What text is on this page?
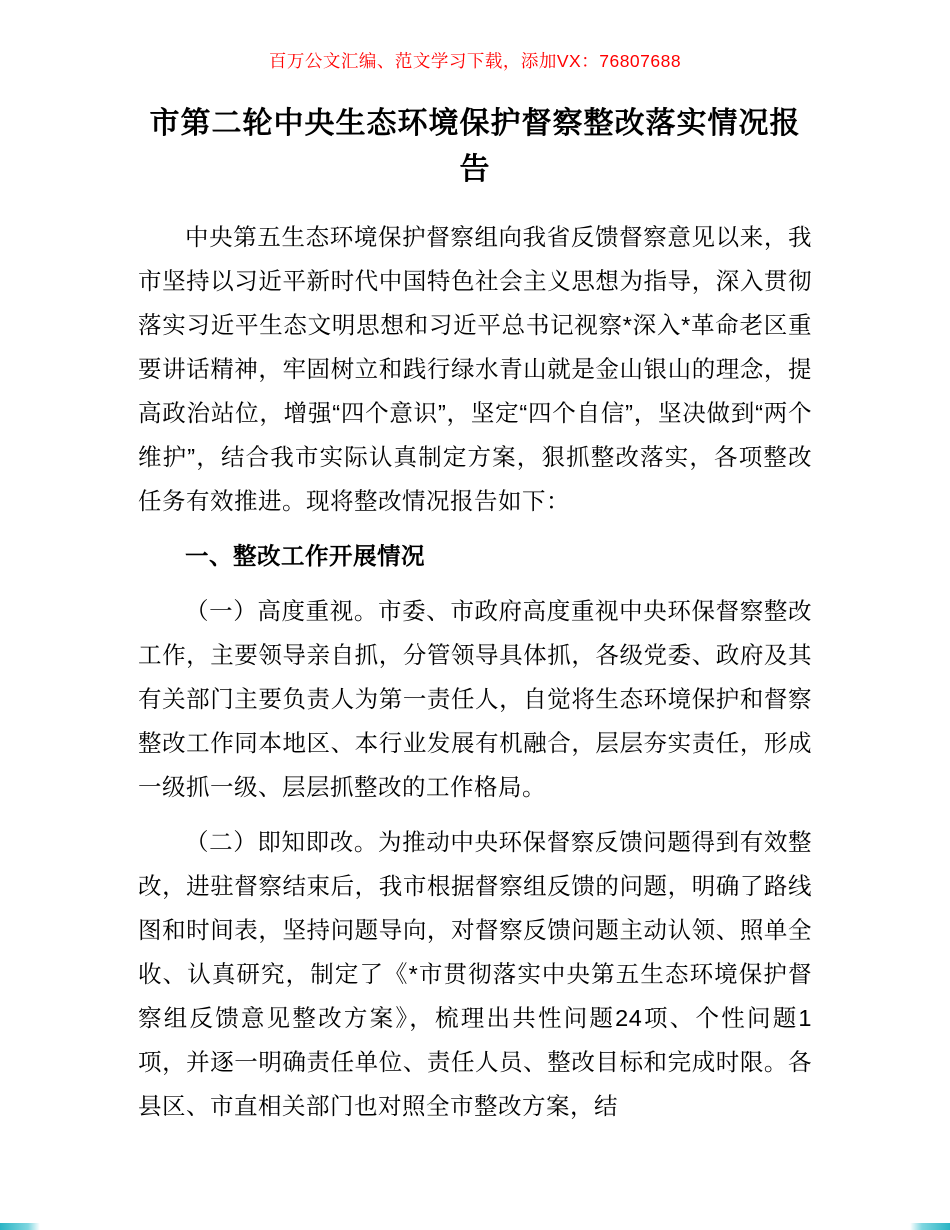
百万公文汇编、范文学习下载，添加VX：76807688
市第二轮中央生态环境保护督察整改落实情况报告

中央第五生态环境保护督察组向我省反馈督察意见以来，我市坚持以习近平新时代中国特色社会主义思想为指导，深入贯彻落实习近平生态文明思想和习近平总书记视察*深入*革命老区重要讲话精神，牢固树立和践行绿水青山就是金山银山的理念，提高政治站位，增强“四个意识”，坚定“四个自信”，坚决做到“两个维护”，结合我市实际认真制定方案，狠抓整改落实，各项整改任务有效推进。现将整改情况报告如下：

一、整改工作开展情况

（一）高度重视。市委、市政府高度重视中央环保督察整改工作，主要领导亲自抓，分管领导具体抓，各级党委、政府及其有关部门主要负责人为第一责任人，自觉将生态环境保护和督察整改工作同本地区、本行业发展有机融合，层层夯实责任，形成一级抓一级、层层抓整改的工作格局。

（二）即知即改。为推动中央环保督察反馈问题得到有效整改，进驻督察结束后，我市根据督察组反馈的问题，明确了路线图和时间表，坚持问题导向，对督察反馈问题主动认领、照单全收、认真研究，制定了《*市贯彻落实中央第五生态环境保护督察组反馈意见整改方案》，梳理出共性问题24项、个性问题1项，并逐一明确责任单位、责任人员、整改目标和完成时限。各县区、市直相关部门也对照全市整改方案，结
